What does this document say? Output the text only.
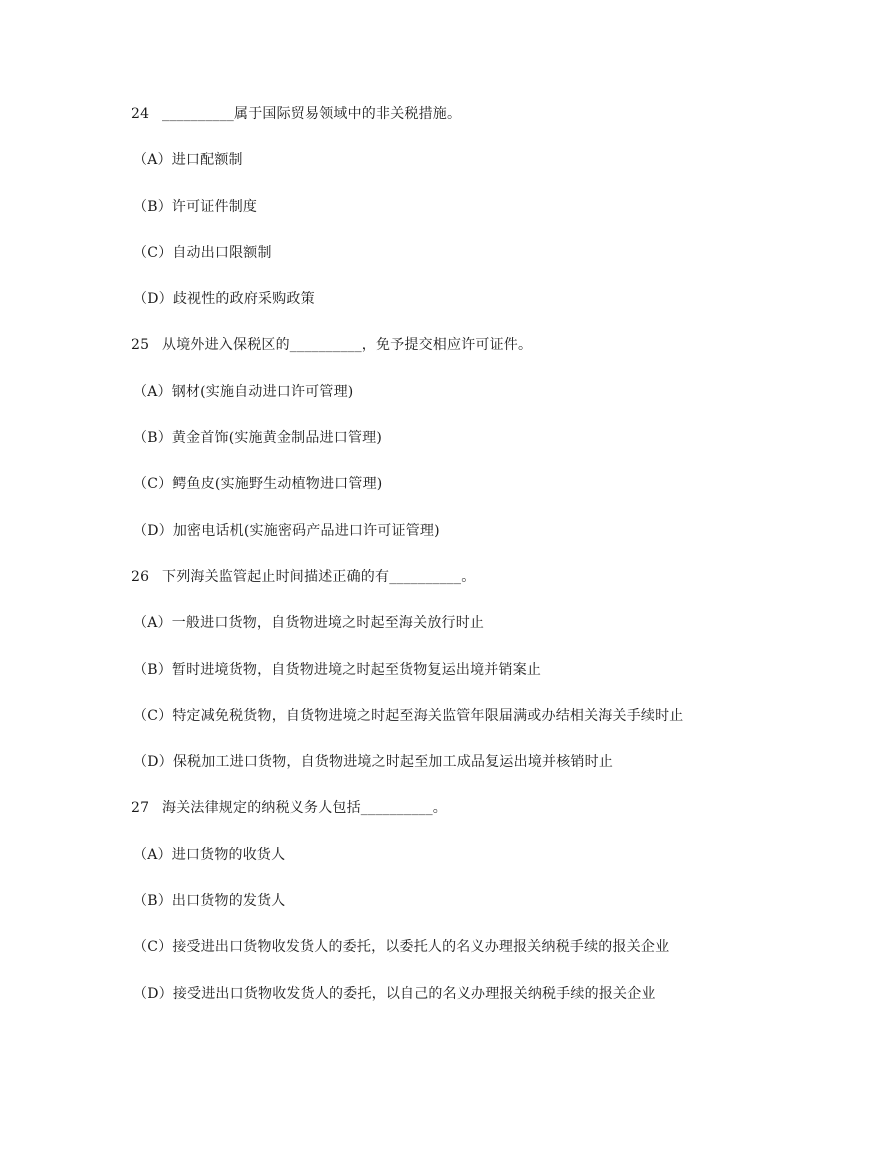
24 __________属于国际贸易领域中的非关税措施。
（A）进口配额制
（B）许可证件制度
（C）自动出口限额制
（D）歧视性的政府采购政策
25 从境外进入保税区的__________，免予提交相应许可证件。
（A）钢材(实施自动进口许可管理)
（B）黄金首饰(实施黄金制品进口管理)
（C）鳄鱼皮(实施野生动植物进口管理)
（D）加密电话机(实施密码产品进口许可证管理)
26 下列海关监管起止时间描述正确的有__________。
（A）一般进口货物，自货物进境之时起至海关放行时止
（B）暂时进境货物，自货物进境之时起至货物复运出境并销案止
（C）特定减免税货物，自货物进境之时起至海关监管年限届满或办结相关海关手续时止
（D）保税加工进口货物，自货物进境之时起至加工成品复运出境并核销时止
27 海关法律规定的纳税义务人包括__________。
（A）进口货物的收货人
（B）出口货物的发货人
（C）接受进出口货物收发货人的委托，以委托人的名义办理报关纳税手续的报关企业
（D）接受进出口货物收发货人的委托，以自己的名义办理报关纳税手续的报关企业
